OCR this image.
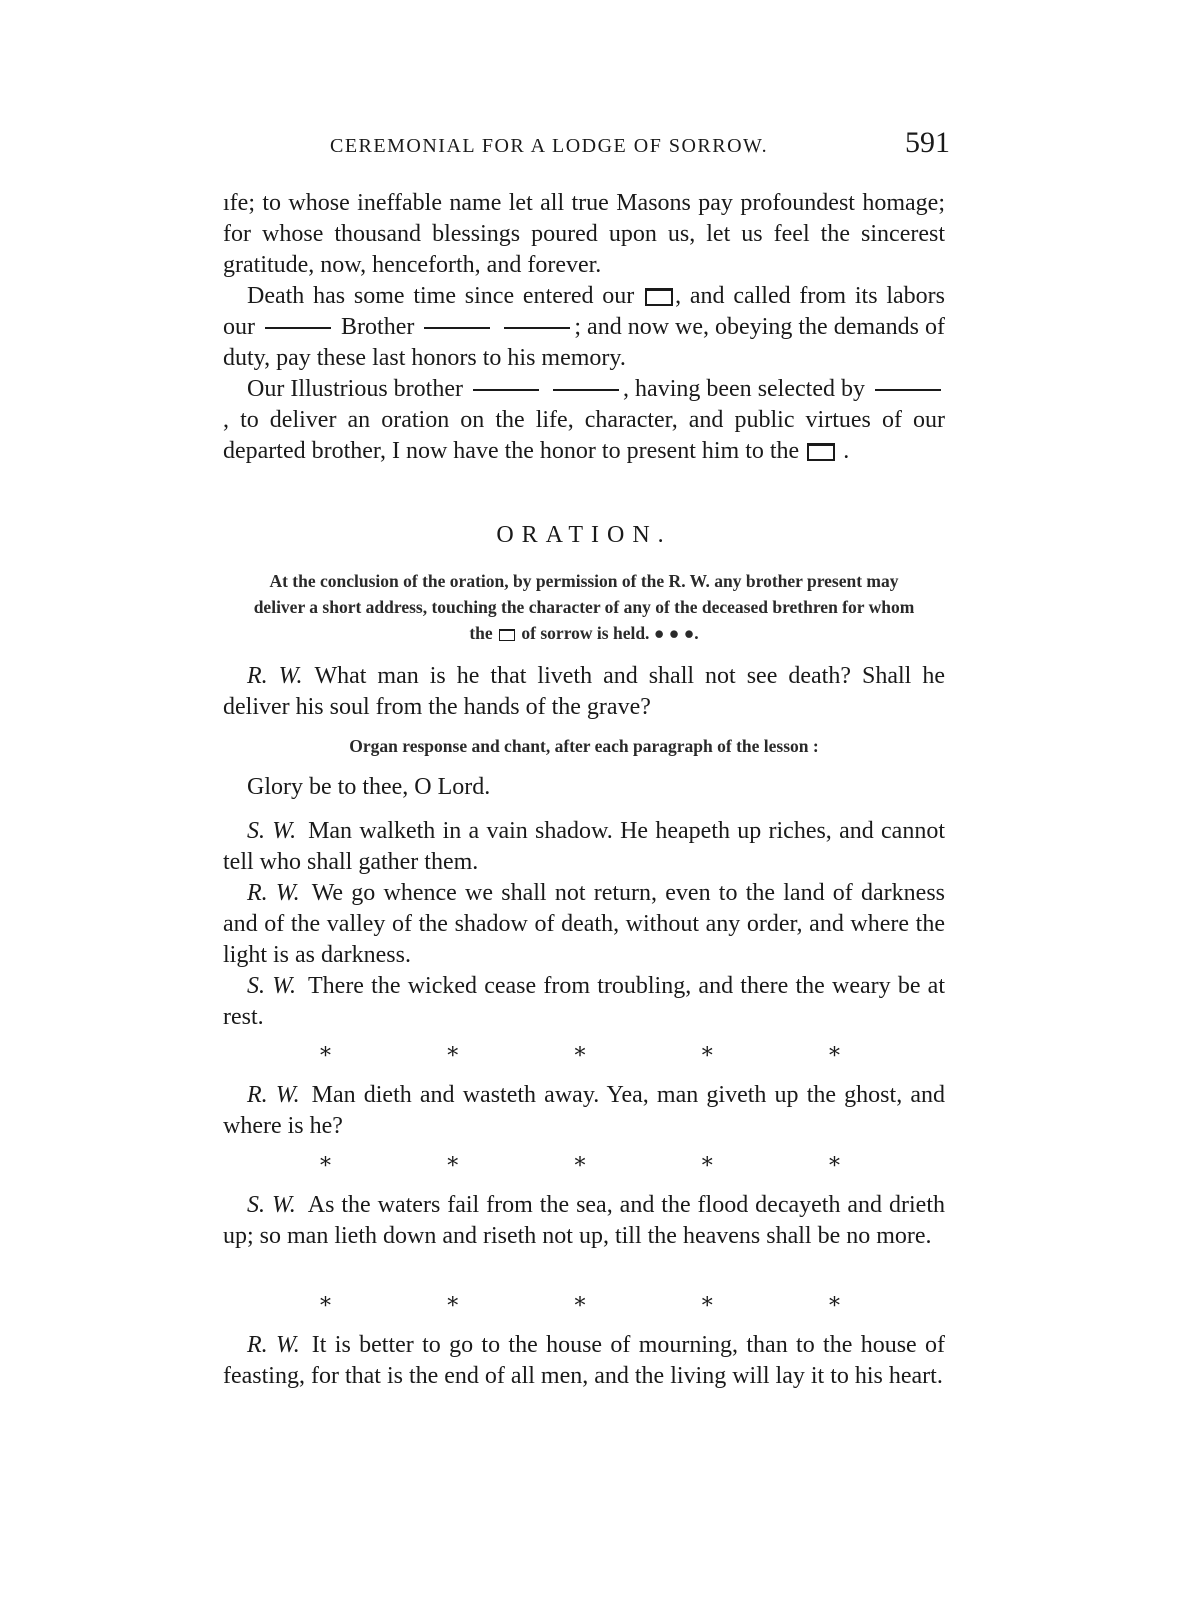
CEREMONIAL FOR A LODGE OF SORROW.	591

ıfe; to whose ineffable name let all true Masons pay profoundest homage; for whose thousand blessings poured upon us, let us feel the sincerest gratitude, now, henceforth, and forever.

Death has some time since entered our , and called from its labors our	Brother	; and now we, obeying the demands of duty, pay these last honors to his memory.

Our Illustrious brother	, having been selected by , to deliver an oration on the life, character, and public virtues of our departed brother, I now have the honor to present him to the .

ORATION.

At the conclusion of the oration, by permission of the R. W. any brother present may deliver a short address, touching the character of any of the deceased brethren for whom the of sorrow is held. ● ● ●.

R. W. What man is he that liveth and shall not see death? Shall he deliver his soul from the hands of the grave?

Organ response and chant, after each paragraph of the lesson :

Glory be to thee, O Lord.

S. W. Man walketh in a vain shadow. He heapeth up riches, and cannot tell who shall gather them.

R. W. We go whence we shall not return, even to the land of darkness and of the valley of the shadow of death, without any order, and where the light is as darkness.

S. W. There the wicked cease from troubling, and there the weary be at rest.

*	*	*	*	*

R. W. Man dieth and wasteth away. Yea, man giveth up the ghost, and where is he?

*	*	*	*	*

S. W. As the waters fail from the sea, and the flood decayeth and drieth up; so man lieth down and riseth not up, till the heavens shall be no more.

*	*	*	*	*

R. W. It is better to go to the house of mourning, than to the house of feasting, for that is the end of all men, and the living will lay it to his heart.
